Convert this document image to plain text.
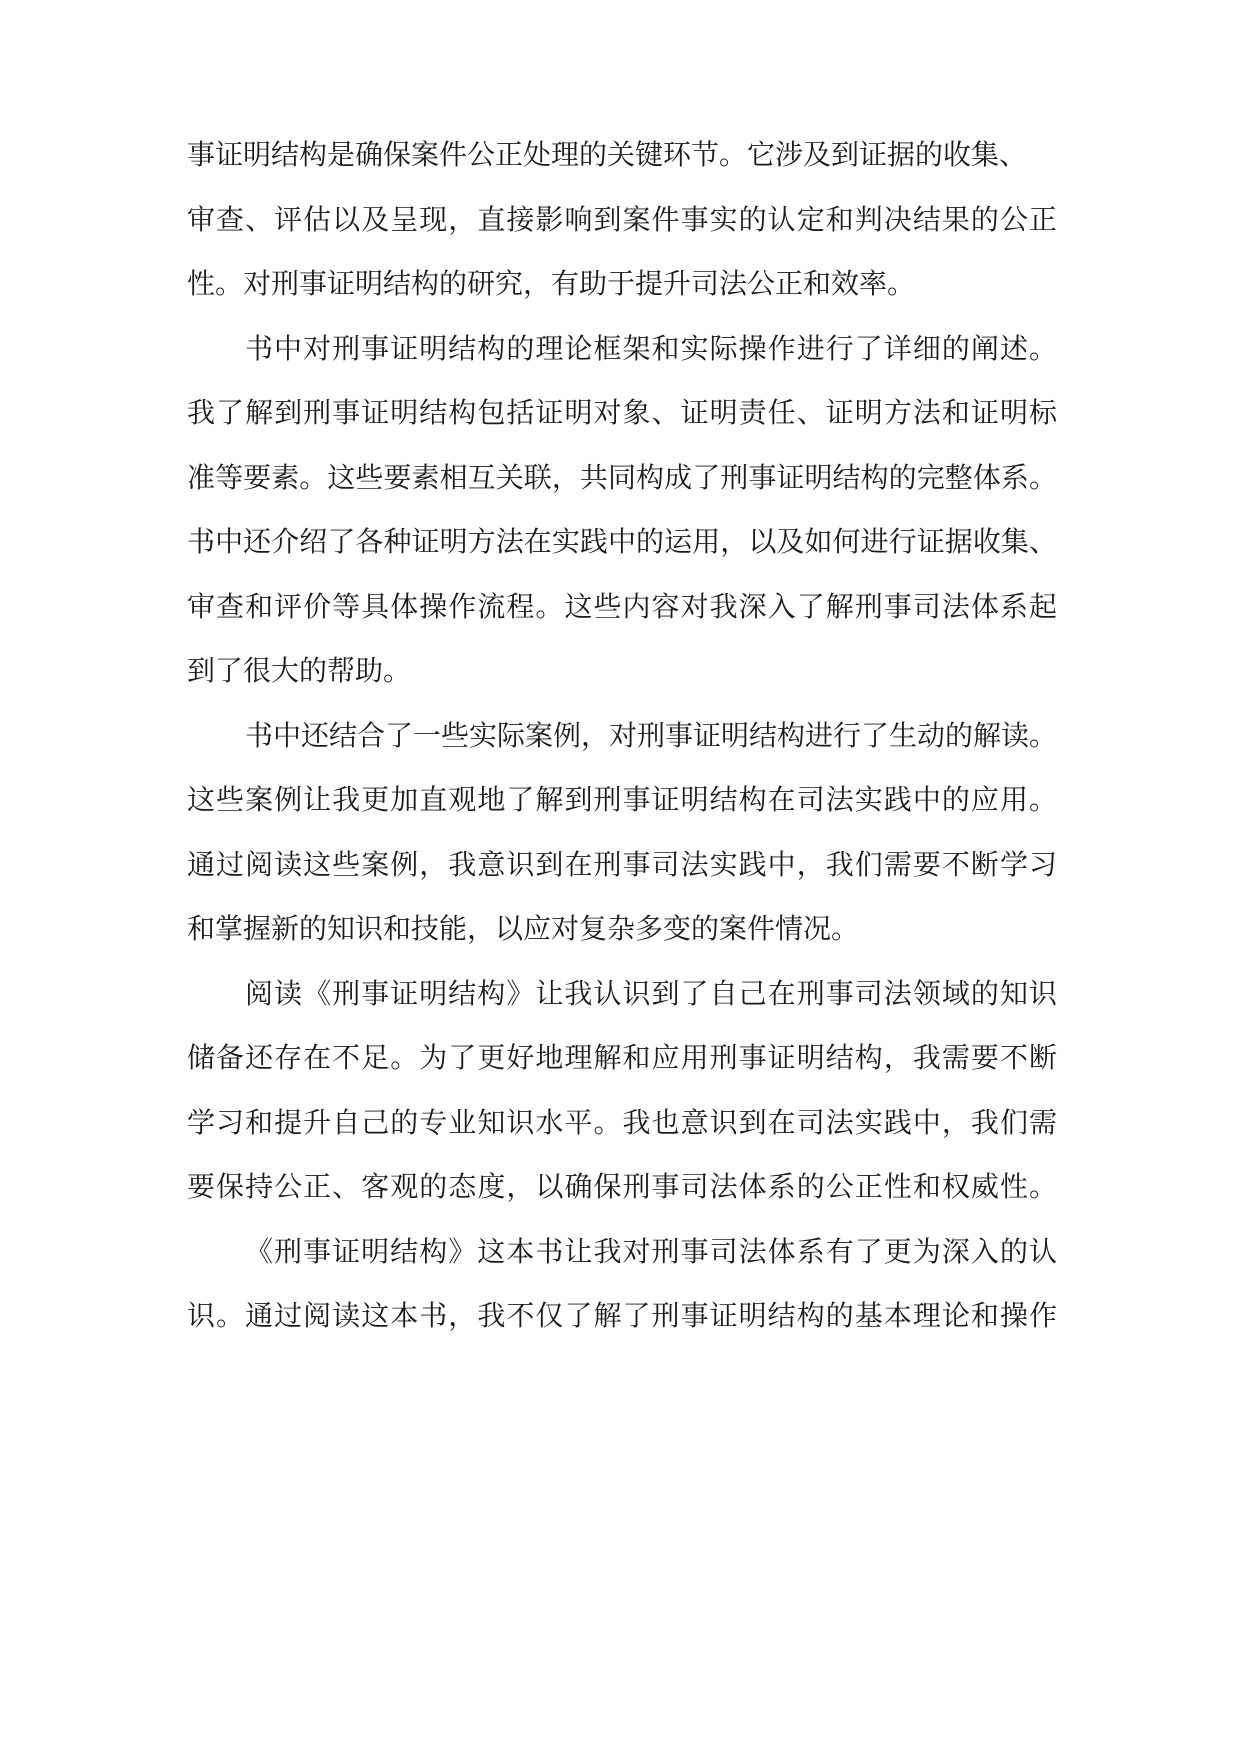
事证明结构是确保案件公正处理的关键环节。它涉及到证据的收集、
审查、评估以及呈现，直接影响到案件事实的认定和判决结果的公正
性。对刑事证明结构的研究，有助于提升司法公正和效率。
书中对刑事证明结构的理论框架和实际操作进行了详细的阐述。
我了解到刑事证明结构包括证明对象、证明责任、证明方法和证明标
准等要素。这些要素相互关联，共同构成了刑事证明结构的完整体系。
书中还介绍了各种证明方法在实践中的运用，以及如何进行证据收集、
审查和评价等具体操作流程。这些内容对我深入了解刑事司法体系起
到了很大的帮助。
书中还结合了一些实际案例，对刑事证明结构进行了生动的解读。
这些案例让我更加直观地了解到刑事证明结构在司法实践中的应用。
通过阅读这些案例，我意识到在刑事司法实践中，我们需要不断学习
和掌握新的知识和技能，以应对复杂多变的案件情况。
阅读《刑事证明结构》让我认识到了自己在刑事司法领域的知识
储备还存在不足。为了更好地理解和应用刑事证明结构，我需要不断
学习和提升自己的专业知识水平。我也意识到在司法实践中，我们需
要保持公正、客观的态度，以确保刑事司法体系的公正性和权威性。
《刑事证明结构》这本书让我对刑事司法体系有了更为深入的认
识。通过阅读这本书，我不仅了解了刑事证明结构的基本理论和操作
